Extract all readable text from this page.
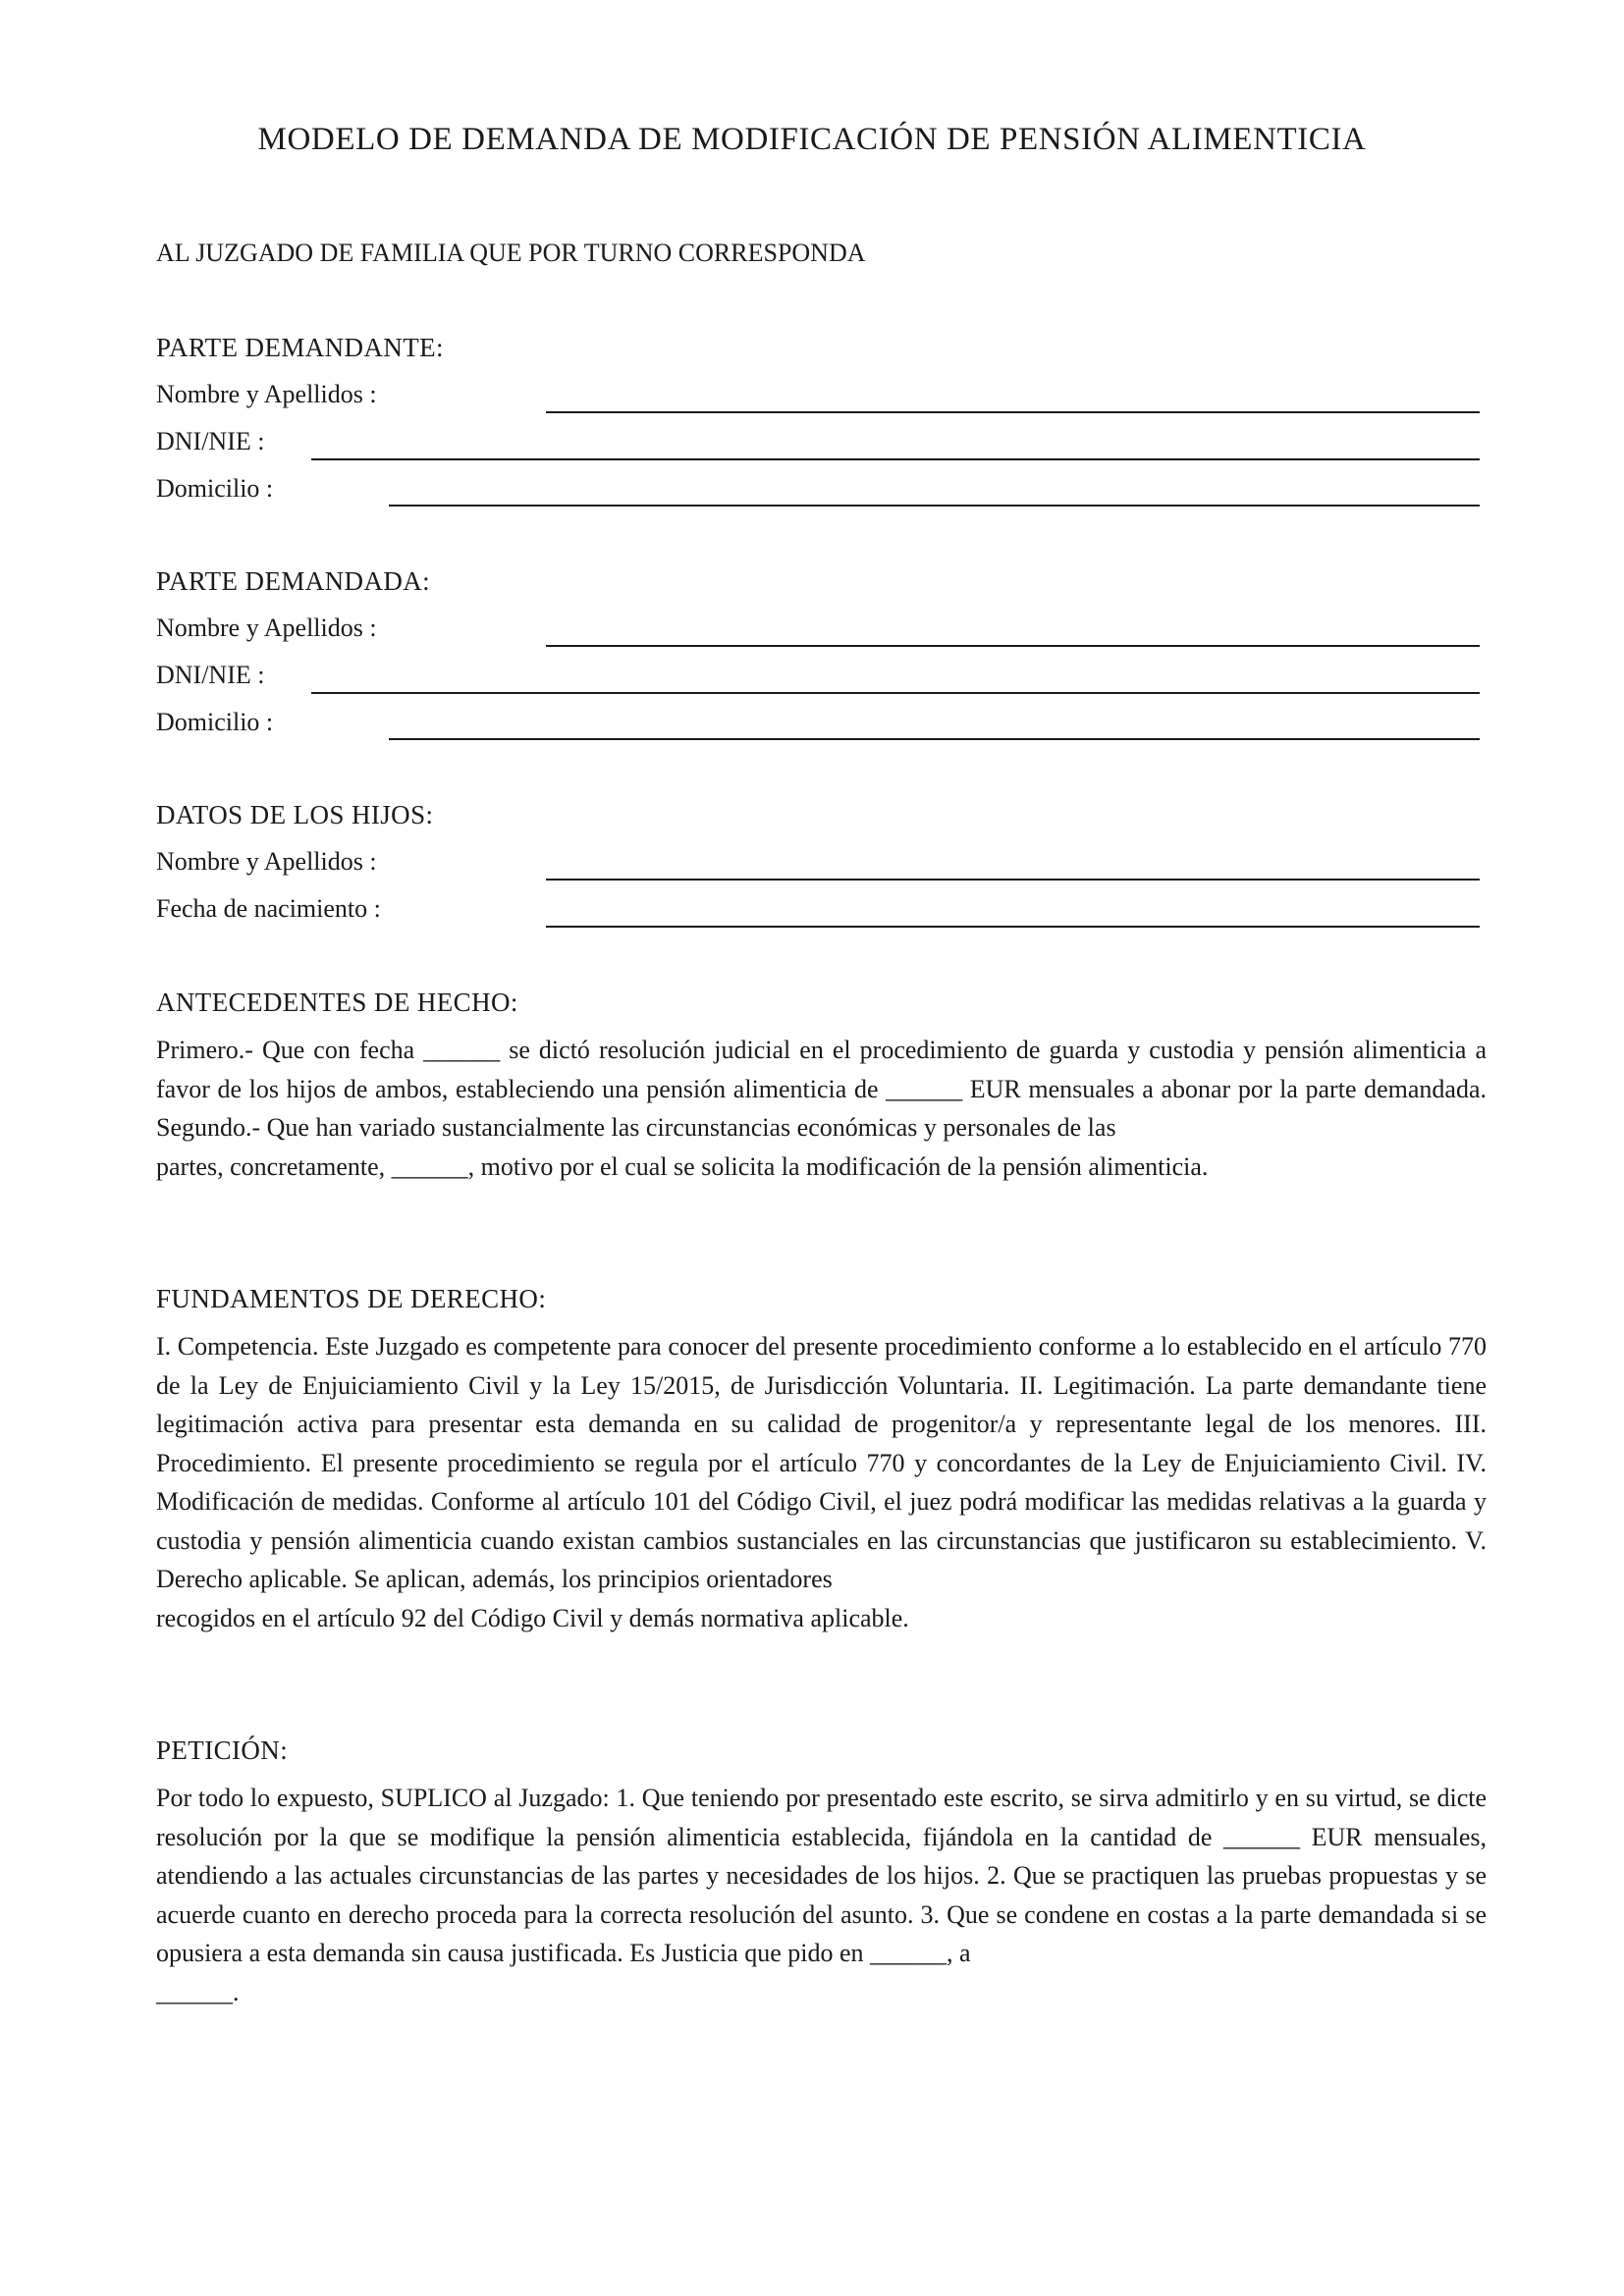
MODELO DE DEMANDA DE MODIFICACIÓN DE PENSIÓN ALIMENTICIA
AL JUZGADO DE FAMILIA QUE POR TURNO CORRESPONDA
PARTE DEMANDANTE:
Nombre y Apellidos :
DNI/NIE :
Domicilio :
PARTE DEMANDADA:
Nombre y Apellidos :
DNI/NIE :
Domicilio :
DATOS DE LOS HIJOS:
Nombre y Apellidos :
Fecha de nacimiento :
ANTECEDENTES DE HECHO:

Primero.- Que con fecha ______ se dictó resolución judicial en el procedimiento de guarda y custodia y pensión alimenticia a favor de los hijos de ambos, estableciendo una pensión alimenticia de ______ EUR mensuales a abonar por la parte demandada. Segundo.- Que han variado sustancialmente las circunstancias económicas y personales de las
partes, concretamente, ______, motivo por el cual se solicita la modificación de la pensión alimenticia.

FUNDAMENTOS DE DERECHO:

I. Competencia. Este Juzgado es competente para conocer del presente procedimiento conforme a lo establecido en el artículo 770 de la Ley de Enjuiciamiento Civil y la Ley 15/2015, de Jurisdicción Voluntaria. II. Legitimación. La parte demandante tiene legitimación activa para presentar esta demanda en su calidad de progenitor/a y representante legal de los menores. III. Procedimiento. El presente procedimiento se regula por el artículo 770 y concordantes de la Ley de Enjuiciamiento Civil. IV. Modificación de medidas. Conforme al artículo 101 del Código Civil, el juez podrá modificar las medidas relativas a la guarda y custodia y pensión alimenticia cuando existan cambios sustanciales en las circunstancias que justificaron su establecimiento. V. Derecho aplicable. Se aplican, además, los principios orientadores
recogidos en el artículo 92 del Código Civil y demás normativa aplicable.

PETICIÓN:

Por todo lo expuesto, SUPLICO al Juzgado: 1. Que teniendo por presentado este escrito, se sirva admitirlo y en su virtud, se dicte resolución por la que se modifique la pensión alimenticia establecida, fijándola en la cantidad de ______ EUR mensuales, atendiendo a las actuales circunstancias de las partes y necesidades de los hijos. 2. Que se practiquen las pruebas propuestas y se acuerde cuanto en derecho proceda para la correcta resolución del asunto. 3. Que se condene en costas a la parte demandada si se opusiera a esta demanda sin causa justificada. Es Justicia que pido en ______, a
______.
